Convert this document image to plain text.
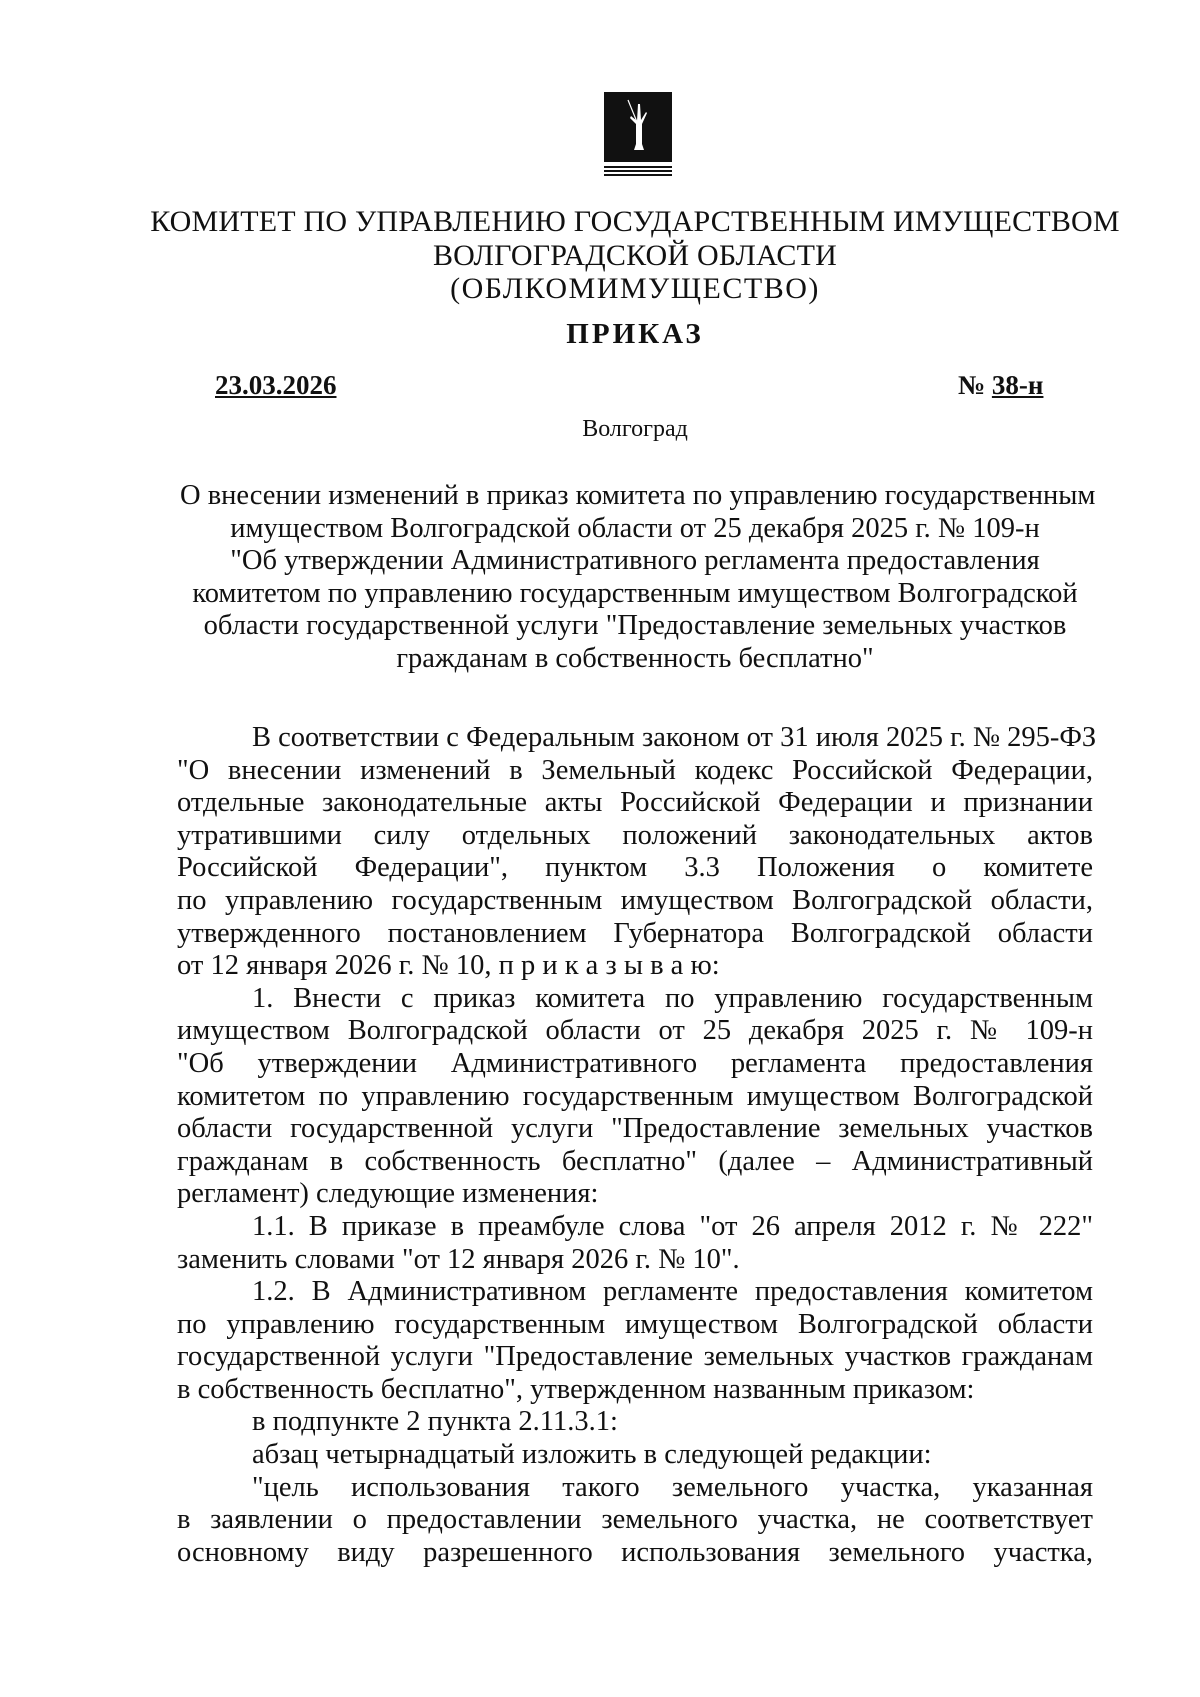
КОМИТЕТ ПО УПРАВЛЕНИЮ ГОСУДАРСТВЕННЫМ ИМУЩЕСТВОМ
ВОЛГОГРАДСКОЙ ОБЛАСТИ
(ОБЛКОМИМУЩЕСТВО)
ПРИКАЗ
23.03.2026	№ 38-н
Волгоград
О внесении изменений в приказ комитета по управлению государственным
имуществом Волгоградской области от 25 декабря 2025 г. № 109-н
"Об утверждении Административного регламента предоставления
комитетом по управлению государственным имуществом Волгоградской
области государственной услуги "Предоставление земельных участков
гражданам в собственность бесплатно"
В соответствии с Федеральным законом от 31 июля 2025 г. № 295-ФЗ
"О внесении изменений в Земельный кодекс Российской Федерации,
отдельные законодательные акты Российской Федерации и признании
утратившими силу отдельных положений законодательных актов
Российской Федерации", пунктом 3.3 Положения о комитете
по управлению государственным имуществом Волгоградской области,
утвержденного постановлением Губернатора Волгоградской области
от 12 января 2026 г. № 10, п р и к а з ы в а ю:
1. Внести с приказ комитета по управлению государственным
имуществом Волгоградской области от 25 декабря 2025 г. № 109-н
"Об утверждении Административного регламента предоставления
комитетом по управлению государственным имуществом Волгоградской
области государственной услуги "Предоставление земельных участков
гражданам в собственность бесплатно" (далее – Административный
регламент) следующие изменения:
1.1. В приказе в преамбуле слова "от 26 апреля 2012 г. № 222"
заменить словами "от 12 января 2026 г. № 10".
1.2. В Административном регламенте предоставления комитетом
по управлению государственным имуществом Волгоградской области
государственной услуги "Предоставление земельных участков гражданам
в собственность бесплатно", утвержденном названным приказом:
в подпункте 2 пункта 2.11.3.1:
абзац четырнадцатый изложить в следующей редакции:
"цель использования такого земельного участка, указанная
в заявлении о предоставлении земельного участка, не соответствует
основному виду разрешенного использования земельного участка,
